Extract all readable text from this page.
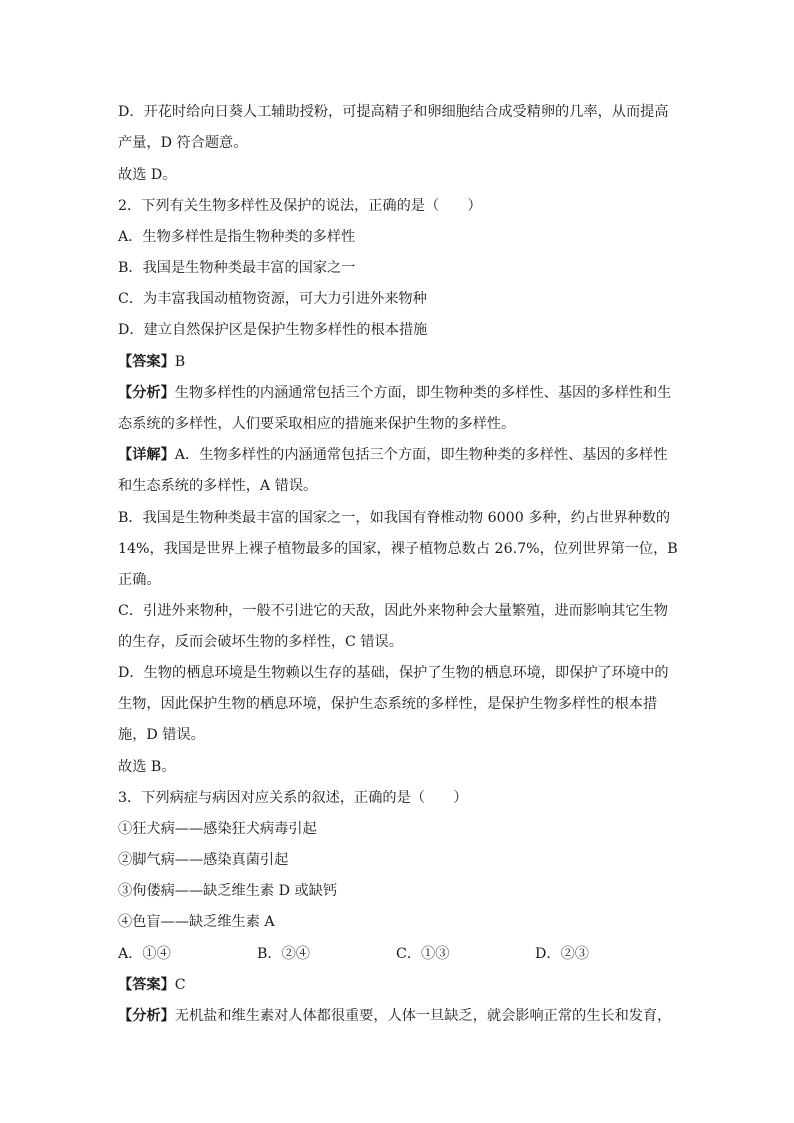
D．开花时给向日葵人工辅助授粉，可提高精子和卵细胞结合成受精卵的几率，从而提高
产量，D 符合题意。
故选 D。
2．下列有关生物多样性及保护的说法，正确的是（　　）
A．生物多样性是指生物种类的多样性
B．我国是生物种类最丰富的国家之一
C．为丰富我国动植物资源，可大力引进外来物种
D．建立自然保护区是保护生物多样性的根本措施
【答案】B
【分析】生物多样性的内涵通常包括三个方面，即生物种类的多样性、基因的多样性和生
态系统的多样性，人们要采取相应的措施来保护生物的多样性。
【详解】A．生物多样性的内涵通常包括三个方面，即生物种类的多样性、基因的多样性
和生态系统的多样性，A 错误。
B．我国是生物种类最丰富的国家之一，如我国有脊椎动物 6000 多种，约占世界种数的
14%，我国是世界上裸子植物最多的国家，裸子植物总数占 26.7%，位列世界第一位，B
正确。
C．引进外来物种，一般不引进它的天敌，因此外来物种会大量繁殖，进而影响其它生物
的生存，反而会破坏生物的多样性，C 错误。
D．生物的栖息环境是生物赖以生存的基础，保护了生物的栖息环境，即保护了环境中的
生物，因此保护生物的栖息环境，保护生态系统的多样性，是保护生物多样性的根本措
施，D 错误。
故选 B。
3．下列病症与病因对应关系的叙述，正确的是（　　）
①狂犬病——感染狂犬病毒引起
②脚气病——感染真菌引起
③佝偻病——缺乏维生素 D 或缺钙
④色盲——缺乏维生素 A
A．①④	B．②④	C．①③	D．②③
【答案】C
【分析】无机盐和维生素对人体都很重要，人体一旦缺乏，就会影响正常的生长和发育，
